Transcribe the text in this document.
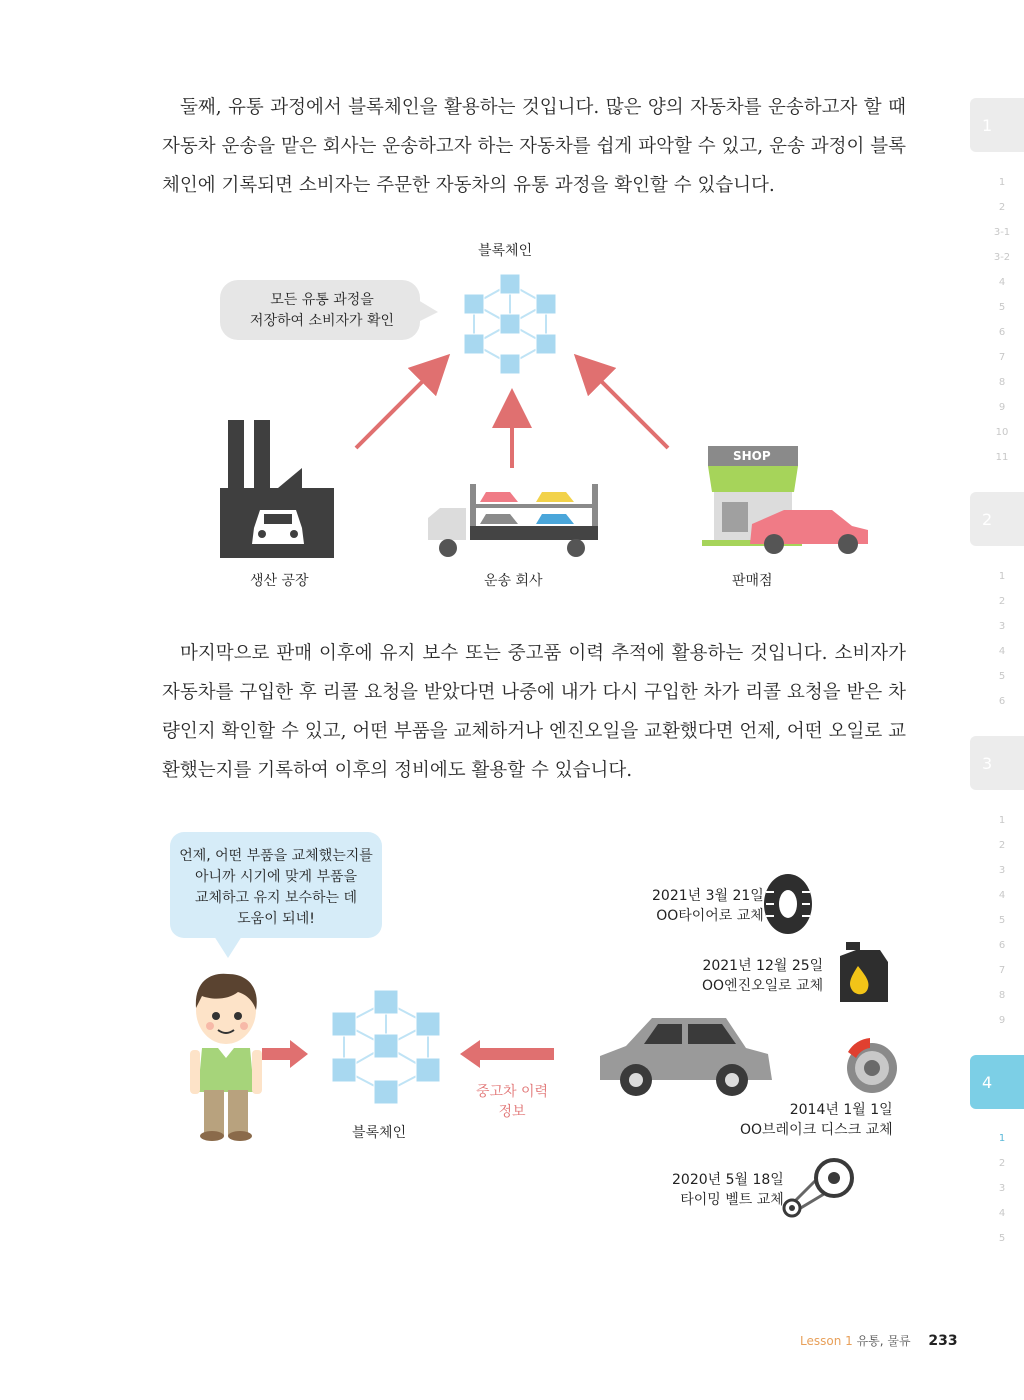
둘째, 유통 과정에서 블록체인을 활용하는 것입니다. 많은 양의 자동차를 운송하고자 할 때 자동차 운송을 맡은 회사는 운송하고자 하는 자동차를 쉽게 파악할 수 있고, 운송 과정이 블록체인에 기록되면 소비자는 주문한 자동차의 유통 과정을 확인할 수 있습니다.

블록체인
모든 유통 과정을
저장하여 소비자가 확인
생산 공장	운송 회사
SHOP
판매점

마지막으로 판매 이후에 유지 보수 또는 중고품 이력 추적에 활용하는 것입니다. 소비자가 자동차를 구입한 후 리콜 요청을 받았다면 나중에 내가 다시 구입한 차가 리콜 요청을 받은 차량인지 확인할 수 있고, 어떤 부품을 교체하거나 엔진오일을 교환했다면 언제, 어떤 오일로 교환했는지를 기록하여 이후의 정비에도 활용할 수 있습니다.

언제, 어떤 부품을 교체했는지를
아니까 시기에 맞게 부품을
교체하고 유지 보수하는 데
도움이 되네!
블록체인
중고차 이력
정보
2021년 3월 21일
OO타이어로 교체
2021년 12월 25일
OO엔진오일로 교체
2014년 1월 1일
OO브레이크 디스크 교체
2020년 5월 18일
타이밍 벨트 교체
1
1
2
3-1
3-2
4
5
6
7
8
9
10
11
2
1
2
3
4
5
6
3
1
2
3
4
5
6
7
8
9
4
1
2
3
4
5
Lesson 1 유통, 물류 233
